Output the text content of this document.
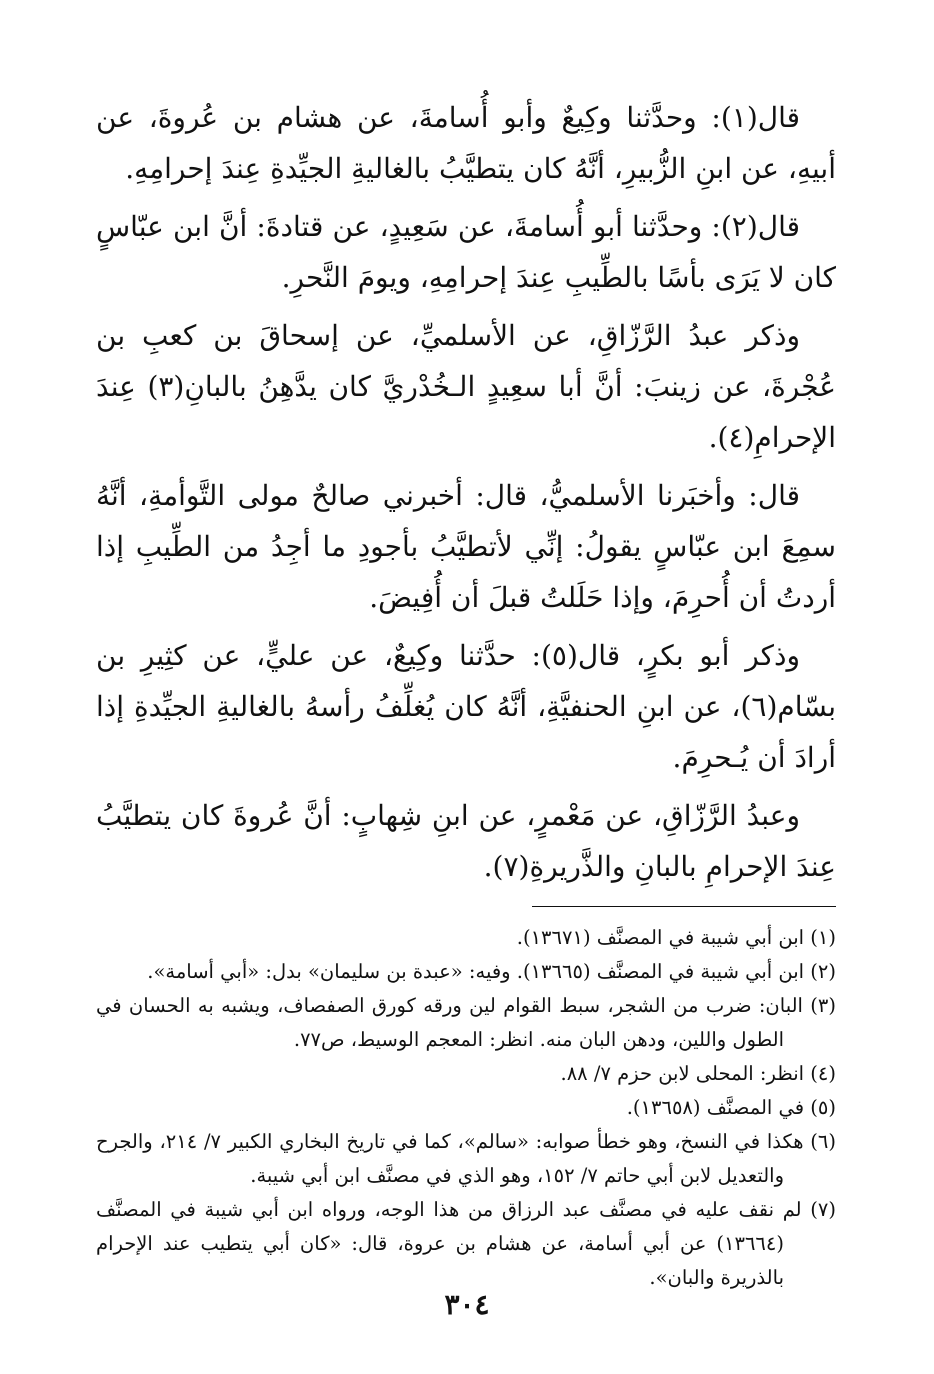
قال(١): وحدَّثنا وكِيعٌ وأبو أُسامةَ، عن هشام بن عُروةَ، عن أبيهِ، عن ابنِ الزُّبيرِ، أنَّهُ كان يتطيَّبُ بالغاليةِ الجيِّدةِ عِندَ إحرامِهِ.

قال(٢): وحدَّثنا أبو أُسامةَ، عن سَعِيدٍ، عن قتادةَ: أنَّ ابن عبّاسٍ كان لا يَرَى بأسًا بالطِّيبِ عِندَ إحرامِهِ، ويومَ النَّحرِ.

وذكر عبدُ الرَّزّاقِ، عن الأسلميِّ، عن إسحاقَ بن كعبِ بن عُجْرةَ، عن زينبَ: أنَّ أبا سعِيدٍ الـخُدْريَّ كان يدَّهِنُ بالبانِ(٣) عِندَ الإحرامِ(٤).

قال: وأخبَرنا الأسلميُّ، قال: أخبرني صالحٌ مولى التَّوأمةِ، أنَّهُ سمِعَ ابن عبّاسٍ يقولُ: إنِّي لأتطيَّبُ بأجودِ ما أجِدُ من الطِّيبِ إذا أردتُ أن أُحرِمَ، وإذا حَلَلتُ قبلَ أن أُفِيضَ.

وذكر أبو بكرٍ، قال(٥): حدَّثنا وكِيعٌ، عن عليٍّ، عن كثِيرِ بن بسّام(٦)، عن ابنِ الحنفيَّةِ، أنَّهُ كان يُغلِّفُ رأسهُ بالغاليةِ الجيِّدةِ إذا أرادَ أن يُـحرِمَ.

وعبدُ الرَّزّاقِ، عن مَعْمرٍ، عن ابنِ شِهابٍ: أنَّ عُروةَ كان يتطيَّبُ عِندَ الإحرامِ بالبانِ والذَّريرةِ(٧).

(١) ابن أبي شيبة في المصنَّف (١٣٦٧١).

(٢) ابن أبي شيبة في المصنَّف (١٣٦٦٥). وفيه: «عبدة بن سليمان» بدل: «أبي أسامة».

(٣) البان: ضرب من الشجر، سبط القوام لين ورقه كورق الصفصاف، ويشبه به الحسان في الطول واللين، ودهن البان منه. انظر: المعجم الوسيط، ص٧٧.

(٤) انظر: المحلى لابن حزم ٧/ ٨٨.

(٥) في المصنَّف (١٣٦٥٨).

(٦) هكذا في النسخ، وهو خطأ صوابه: «سالم»، كما في تاريخ البخاري الكبير ٧/ ٢١٤، والجرح والتعديل لابن أبي حاتم ٧/ ١٥٢، وهو الذي في مصنَّف ابن أبي شيبة.

(٧) لم نقف عليه في مصنَّف عبد الرزاق من هذا الوجه، ورواه ابن أبي شيبة في المصنَّف (١٣٦٦٤) عن أبي أسامة، عن هشام بن عروة، قال: «كان أبي يتطيب عند الإحرام بالذريرة والبان».

٣٠٤
